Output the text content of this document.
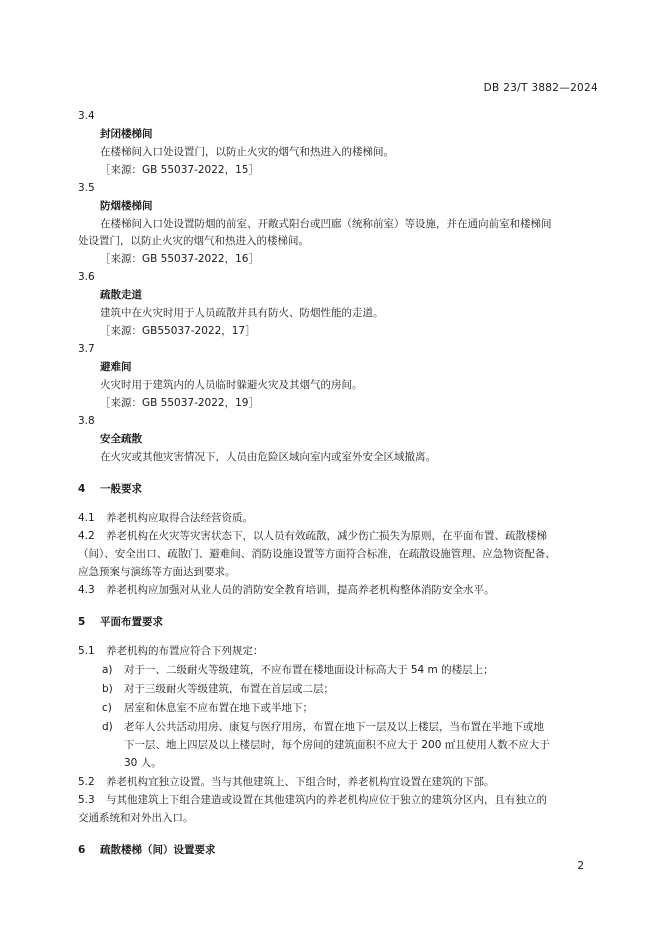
DB 23/T 3882—2024
3.4
封闭楼梯间
在楼梯间入口处设置门，以防止火灾的烟气和热进入的楼梯间。
［来源：GB 55037-2022，15］
3.5
防烟楼梯间
在楼梯间入口处设置防烟的前室、开敞式阳台或凹廊（统称前室）等设施，并在通向前室和楼梯间
处设置门，以防止火灾的烟气和热进入的楼梯间。
［来源：GB 55037-2022，16］
3.6
疏散走道
建筑中在火灾时用于人员疏散并具有防火、防烟性能的走道。
［来源：GB55037-2022，17］
3.7
避难间
火灾时用于建筑内的人员临时躲避火灾及其烟气的房间。
［来源：GB 55037-2022，19］
3.8
安全疏散
在火灾或其他灾害情况下，人员由危险区域向室内或室外安全区域撤离。
4 一般要求
4.1 养老机构应取得合法经营资质。
4.2 养老机构在火灾等灾害状态下，以人员有效疏散，减少伤亡损失为原则，在平面布置、疏散楼梯
（间）、安全出口、疏散门、避难间、消防设施设置等方面符合标准，在疏散设施管理、应急物资配备、
应急预案与演练等方面达到要求。
4.3 养老机构应加强对从业人员的消防安全教育培训，提高养老机构整体消防安全水平。
5 平面布置要求
5.1 养老机构的布置应符合下列规定：
a) 对于一、二级耐火等级建筑，不应布置在楼地面设计标高大于 54 m 的楼层上；
b) 对于三级耐火等级建筑，布置在首层或二层；
c) 居室和休息室不应布置在地下或半地下；
d) 老年人公共活动用房、康复与医疗用房，布置在地下一层及以上楼层，当布置在半地下或地
下一层、地上四层及以上楼层时，每个房间的建筑面积不应大于 200 ㎡且使用人数不应大于
30 人。
5.2 养老机构宜独立设置。当与其他建筑上、下组合时，养老机构宜设置在建筑的下部。
5.3 与其他建筑上下组合建造或设置在其他建筑内的养老机构应位于独立的建筑分区内，且有独立的
交通系统和对外出入口。
6 疏散楼梯（间）设置要求
2
